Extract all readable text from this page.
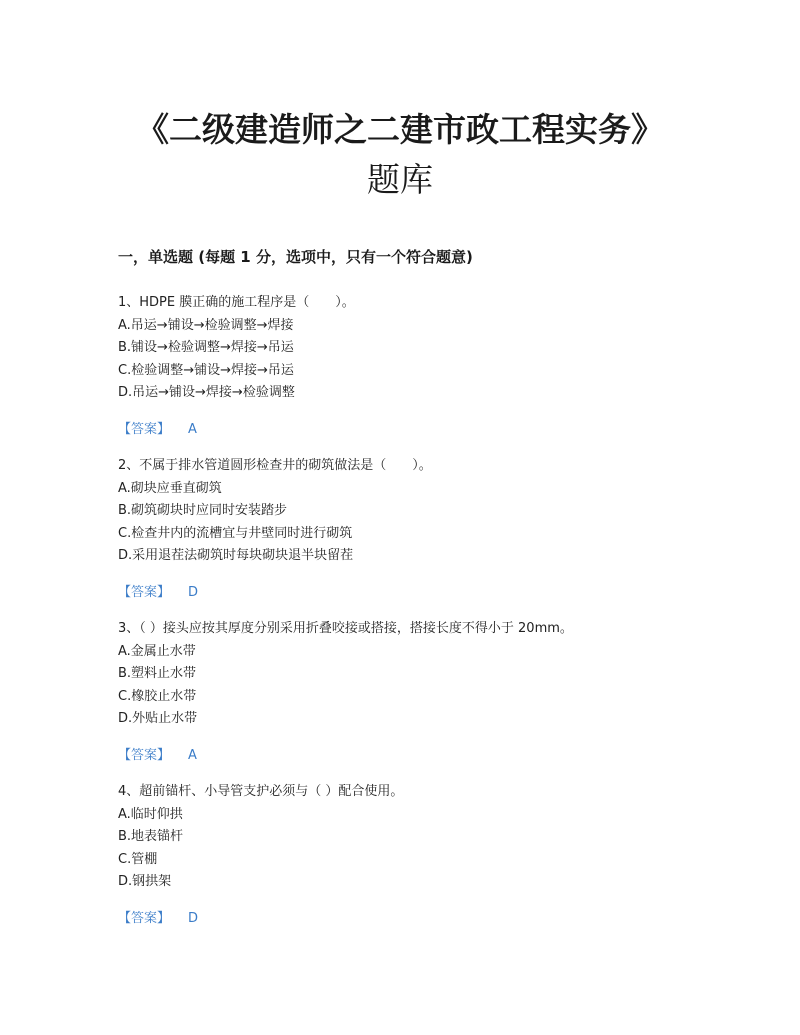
《二级建造师之二建市政工程实务》
题库
一，单选题 (每题 1 分，选项中，只有一个符合题意)
1、HDPE 膜正确的施工程序是（　　）。
A.吊运→铺设→检验调整→焊接
B.铺设→检验调整→焊接→吊运
C.检验调整→铺设→焊接→吊运
D.吊运→铺设→焊接→检验调整
【答案】 A
2、不属于排水管道圆形检查井的砌筑做法是（　　）。
A.砌块应垂直砌筑
B.砌筑砌块时应同时安装踏步
C.检查井内的流槽宜与井壁同时进行砌筑
D.采用退茬法砌筑时每块砌块退半块留茬
【答案】 D
3、（ ）接头应按其厚度分别采用折叠咬接或搭接，搭接长度不得小于 20mm。
A.金属止水带
B.塑料止水带
C.橡胶止水带
D.外贴止水带
【答案】 A
4、超前锚杆、小导管支护必须与（ ）配合使用。
A.临时仰拱
B.地表锚杆
C.管棚
D.钢拱架
【答案】 D
